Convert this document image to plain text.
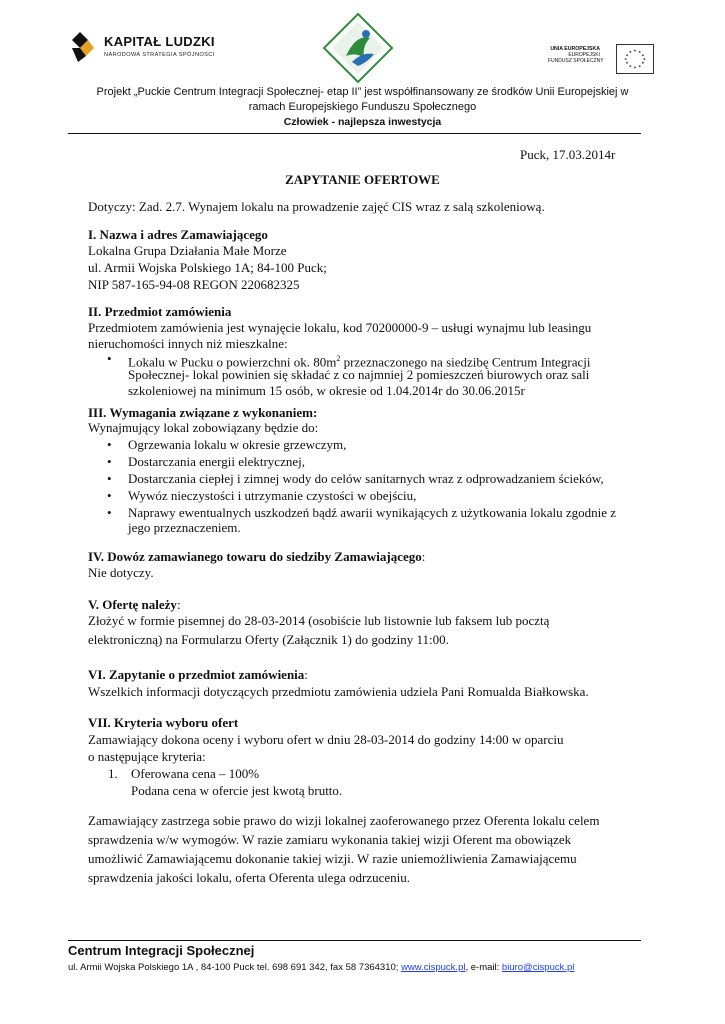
KAPITAŁ LUDZKI
NARODOWA STRATEGIA SPÓJNOŚCI
UNIA EUROPEJSKA
EUROPEJSKI
FUNDUSZ SPOŁECZNY
Projekt „Puckie Centrum Integracji Społecznej- etap II” jest współfinansowany ze środków Unii Europejskiej w
ramach Europejskiego Funduszu Społecznego
Człowiek - najlepsza inwestycja
Puck, 17.03.2014r
ZAPYTANIE OFERTOWE
Dotyczy: Zad. 2.7. Wynajem lokalu na prowadzenie zajęć CIS wraz z salą szkoleniową.
I. Nazwa i adres Zamawiającego
Lokalna Grupa Działania Małe Morze
ul. Armii Wojska Polskiego 1A; 84-100 Puck;
NIP 587-165-94-08 REGON 220682325
II. Przedmiot zamówienia
Przedmiotem zamówienia jest wynajęcie lokalu, kod 70200000-9 – usługi wynajmu lub leasingu
nieruchomości innych niż mieszkalne:
• Lokalu w Pucku o powierzchni ok. $80m^2$ przeznaczonego na siedzibę Centrum Integracji
Społecznej- lokal powinien się składać z co najmniej 2 pomieszczeń biurowych oraz sali
szkoleniowej na minimum 15 osób, w okresie od 1.04.2014r do 30.06.2015r
III. Wymagania związane z wykonaniem:
Wynajmujący lokal zobowiązany będzie do:
• Ogrzewania lokalu w okresie grzewczym,
• Dostarczania energii elektrycznej,
• Dostarczania ciepłej i zimnej wody do celów sanitarnych wraz z odprowadzaniem ścieków,
• Wywóz nieczystości i utrzymanie czystości w obejściu,
• Naprawy ewentualnych uszkodzeń bądź awarii wynikających z użytkowania lokalu zgodnie z
jego przeznaczeniem.
IV. Dowóz zamawianego towaru do siedziby Zamawiającego:
Nie dotyczy.
V. Ofertę należy:
Złożyć w formie pisemnej do 28-03-2014 (osobiście lub listownie lub faksem lub pocztą
elektroniczną) na Formularzu Oferty (Załącznik 1) do godziny 11:00.
VI. Zapytanie o przedmiot zamówienia:
Wszelkich informacji dotyczących przedmiotu zamówienia udziela Pani Romualda Białkowska.
VII. Kryteria wyboru ofert
Zamawiający dokona oceny i wyboru ofert w dniu 28-03-2014 do godziny 14:00 w oparciu
o następujące kryteria:
1. Oferowana cena – 100%
Podana cena w ofercie jest kwotą brutto.
Zamawiający zastrzega sobie prawo do wizji lokalnej zaoferowanego przez Oferenta lokalu celem
sprawdzenia w/w wymogów. W razie zamiaru wykonania takiej wizji Oferent ma obowiązek
umożliwić Zamawiającemu dokonanie takiej wizji. W razie uniemożliwienia Zamawiającemu
sprawdzenia jakości lokalu, oferta Oferenta ulega odrzuceniu.
Centrum Integracji Społecznej
ul. Armii Wojska Polskiego 1A , 84-100 Puck tel. 698 691 342, fax 58 7364310; www.cispuck.pl, e-mail: biuro@cispuck.pl
